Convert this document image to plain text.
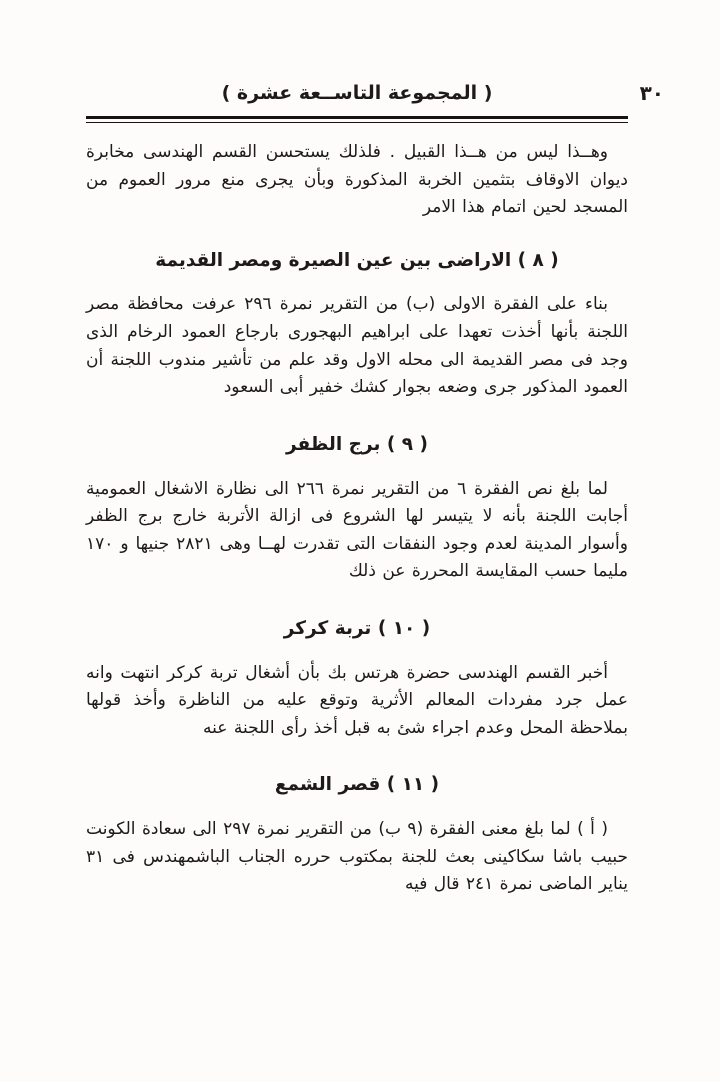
٣٠
( المجموعة التاســعة عشرة )

وهــذا ليس من هــذا القبيل . فلذلك يستحسن القسم الهندسى مخابرة ديوان الاوقاف بتثمين الخربة المذكورة وبأن يجرى منع مرور العموم من المسجد لحين اتمام هذا الامر

( ٨ ) الاراضى بين عين الصيرة ومصر القديمة

بناء على الفقرة الاولى (ب) من التقرير نمرة ٢٩٦ عرفت محافظة مصر اللجنة بأنها أخذت تعهدا على ابراهيم البهجورى بارجاع العمود الرخام الذى وجد فى مصر القديمة الى محله الاول وقد علم من تأشير مندوب اللجنة أن العمود المذكور جرى وضعه بجوار كشك خفير أبى السعود

( ٩ ) برج الظفر

لما بلغ نص الفقرة ٦ من التقرير نمرة ٢٦٦ الى نظارة الاشغال العمومية أجابت اللجنة بأنه لا يتيسر لها الشروع فى ازالة الأتربة خارج برج الظفر وأسوار المدينة لعدم وجود النفقات التى تقدرت لهــا وهى ٢٨٢١ جنيها و ١٧٠ مليما حسب المقايسة المحررة عن ذلك

( ١٠ ) تربة كركر

أخبر القسم الهندسى حضرة هرتس بك بأن أشغال تربة كركر انتهت وانه عمل جرد مفردات المعالم الأثرية وتوقع عليه من الناظرة وأخذ قولها بملاحظة المحل وعدم اجراء شئ به قبل أخذ رأى اللجنة عنه

( ١١ ) قصر الشمع

( أ ) لما بلغ معنى الفقرة (٩ ب) من التقرير نمرة ٢٩٧ الى سعادة الكونت حبيب باشا سكاكينى بعث للجنة بمكتوب حرره الجناب الباشمهندس فى ٣١ يناير الماضى نمرة ٢٤١ قال فيه
